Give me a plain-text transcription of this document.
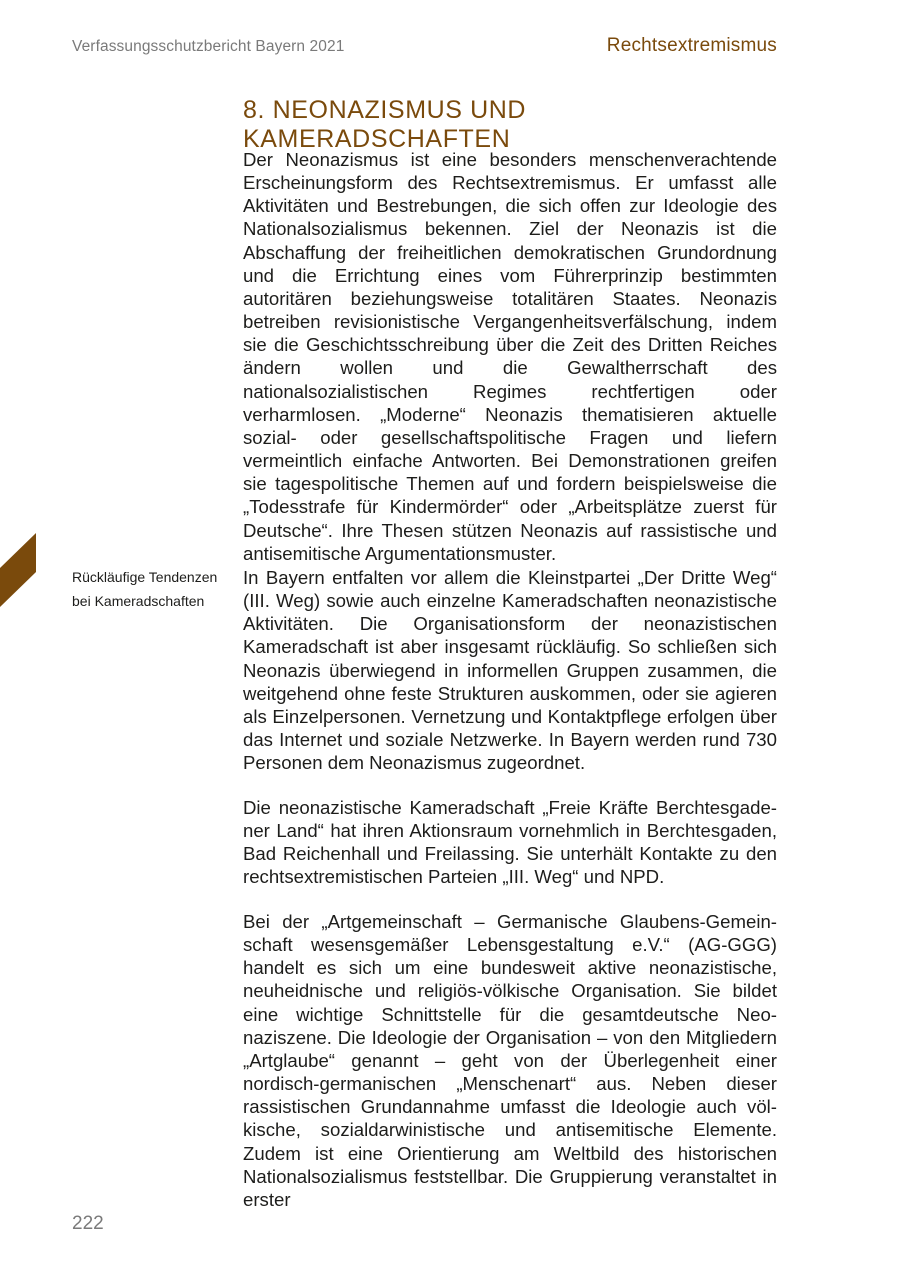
Verfassungsschutzbericht Bayern 2021	Rechtsextremismus
8. NEONAZISMUS UND KAMERADSCHAFTEN

Der Neonazismus ist eine besonders menschenverachtende Erscheinungsform des Rechtsextremismus. Er umfasst alle Aktivitäten und Bestrebungen, die sich offen zur Ideologie des Nationalsozialismus bekennen. Ziel der Neonazis ist die Abschaffung der freiheitlichen demokratischen Grundordnung und die Errichtung eines vom Führerprinzip bestimmten autoritären beziehungsweise totalitären Staates. Neonazis betreiben revisionistische Vergangenheitsverfälschung, indem sie die Geschichtsschreibung über die Zeit des Dritten Reiches ändern wollen und die Gewaltherrschaft des nationalsozialistischen Regimes rechtfertigen oder verharmlosen. „Moderne“ Neonazis thematisieren aktuelle sozial- oder gesellschaftspolitische Fragen und liefern vermeintlich einfache Antworten. Bei Demonstrationen greifen sie tagespolitische Themen auf und fordern beispielsweise die „Todesstrafe für Kindermörder“ oder „Arbeitsplätze zuerst für Deutsche“. Ihre Thesen stützen Neonazis auf rassistische und antisemitische Argumentationsmuster.

Rückläufige Tendenzen bei Kameradschaften

In Bayern entfalten vor allem die Kleinstpartei „Der Dritte Weg“ (III. Weg) sowie auch einzelne Kameradschaften neonazistische Aktivitäten. Die Organisationsform der neonazistischen Kameradschaft ist aber insgesamt rückläufig. So schließen sich Neonazis überwiegend in informellen Gruppen zusammen, die weitgehend ohne feste Strukturen auskommen, oder sie agieren als Einzelpersonen. Vernetzung und Kontaktpflege erfolgen über das Internet und soziale Netzwerke. In Bayern werden rund 730 Personen dem Neonazismus zugeordnet.

Die neonazistische Kameradschaft „Freie Kräfte Berchtesgadener Land“ hat ihren Aktionsraum vornehmlich in Berchtesgaden, Bad Reichenhall und Freilassing. Sie unterhält Kontakte zu den rechtsextremistischen Parteien „III. Weg“ und NPD.

Bei der „Artgemeinschaft – Germanische Glaubens-Gemeinschaft wesensgemäßer Lebensgestaltung e.V.“ (AG-GGG) handelt es sich um eine bundesweit aktive neonazistische, neuheidnische und religiös-völkische Organisation. Sie bildet eine wichtige Schnittstelle für die gesamtdeutsche Neonaziszene. Die Ideologie der Organisation – von den Mitgliedern „Artglaube“ genannt – geht von der Überlegenheit einer nordisch-germanischen „Menschenart“ aus. Neben dieser rassistischen Grundannahme umfasst die Ideologie auch völkische, sozialdarwinistische und antisemitische Elemente. Zudem ist eine Orientierung am Weltbild des historischen Nationalsozialismus feststellbar. Die Gruppierung veranstaltet in erster

222
